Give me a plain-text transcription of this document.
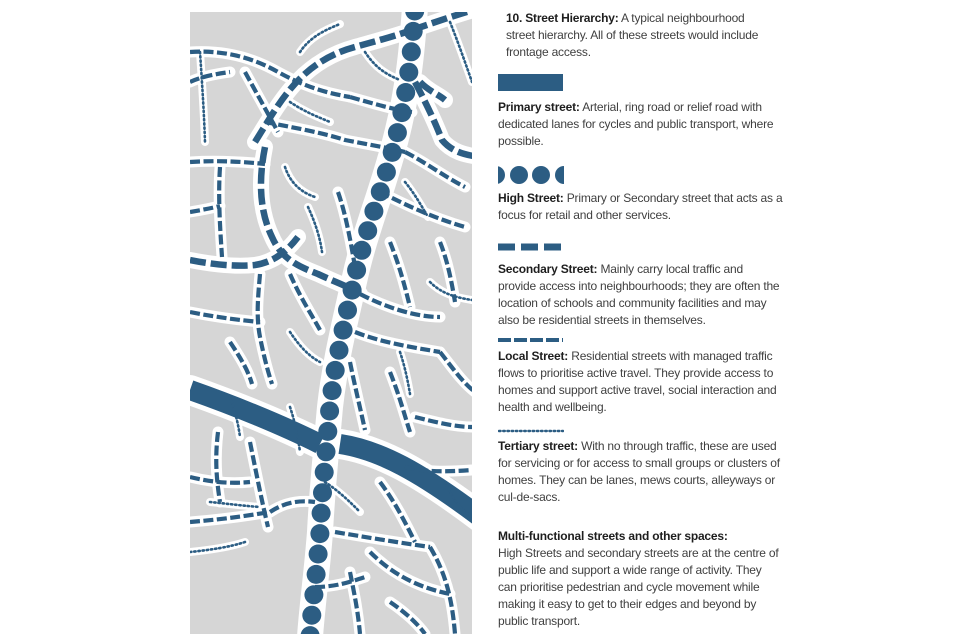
10. Street Hierarchy: A typical neighbourhood street hierarchy. All of these streets would include frontage access.
Primary street: Arterial, ring road or relief road with dedicated lanes for cycles and public transport, where possible.
High Street: Primary or Secondary street that acts as a focus for retail and other services.
Secondary Street: Mainly carry local traffic and provide access into neighbourhoods; they are often the location of schools and community facilities and may also be residential streets in themselves.
Local Street: Residential streets with managed traffic flows to prioritise active travel. They provide access to homes and support active travel, social interaction and health and wellbeing.
Tertiary street: With no through traffic, these are used for servicing or for access to small groups or clusters of homes. They can be lanes, mews courts, alleyways or cul-de-sacs.
Multi-functional streets and other spaces:
High Streets and secondary streets are at the centre of public life and support a wide range of activity. They can prioritise pedestrian and cycle movement while making it easy to get to their edges and beyond by public transport.
